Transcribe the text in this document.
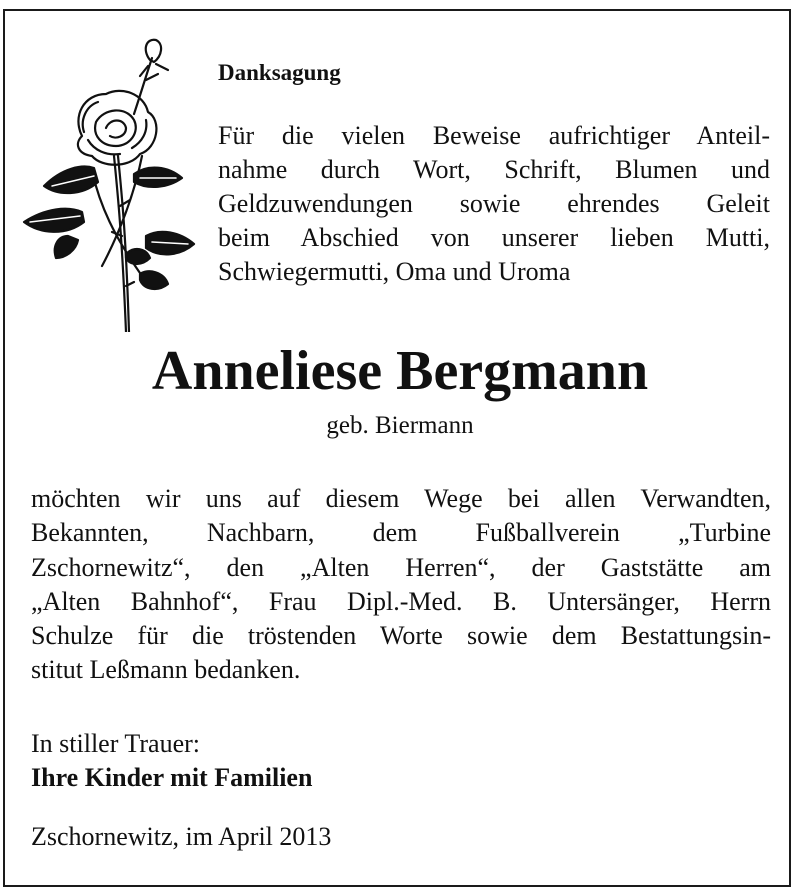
Danksagung

Für die vielen Beweise aufrichtiger Anteil-
nahme durch Wort, Schrift, Blumen und
Geldzuwendungen sowie ehrendes Geleit
beim Abschied von unserer lieben Mutti,
Schwiegermutti, Oma und Uroma

Anneliese Bergmann

geb. Biermann

möchten wir uns auf diesem Wege bei allen Verwandten,
Bekannten, Nachbarn, dem Fußballverein „Turbine
Zschornewitz“, den „Alten Herren“, der Gaststätte am
„Alten Bahnhof“, Frau Dipl.-Med. B. Untersänger, Herrn
Schulze für die tröstenden Worte sowie dem Bestattungsin-
stitut Leßmann bedanken.

In stiller Trauer:

Ihre Kinder mit Familien

Zschornewitz, im April 2013
